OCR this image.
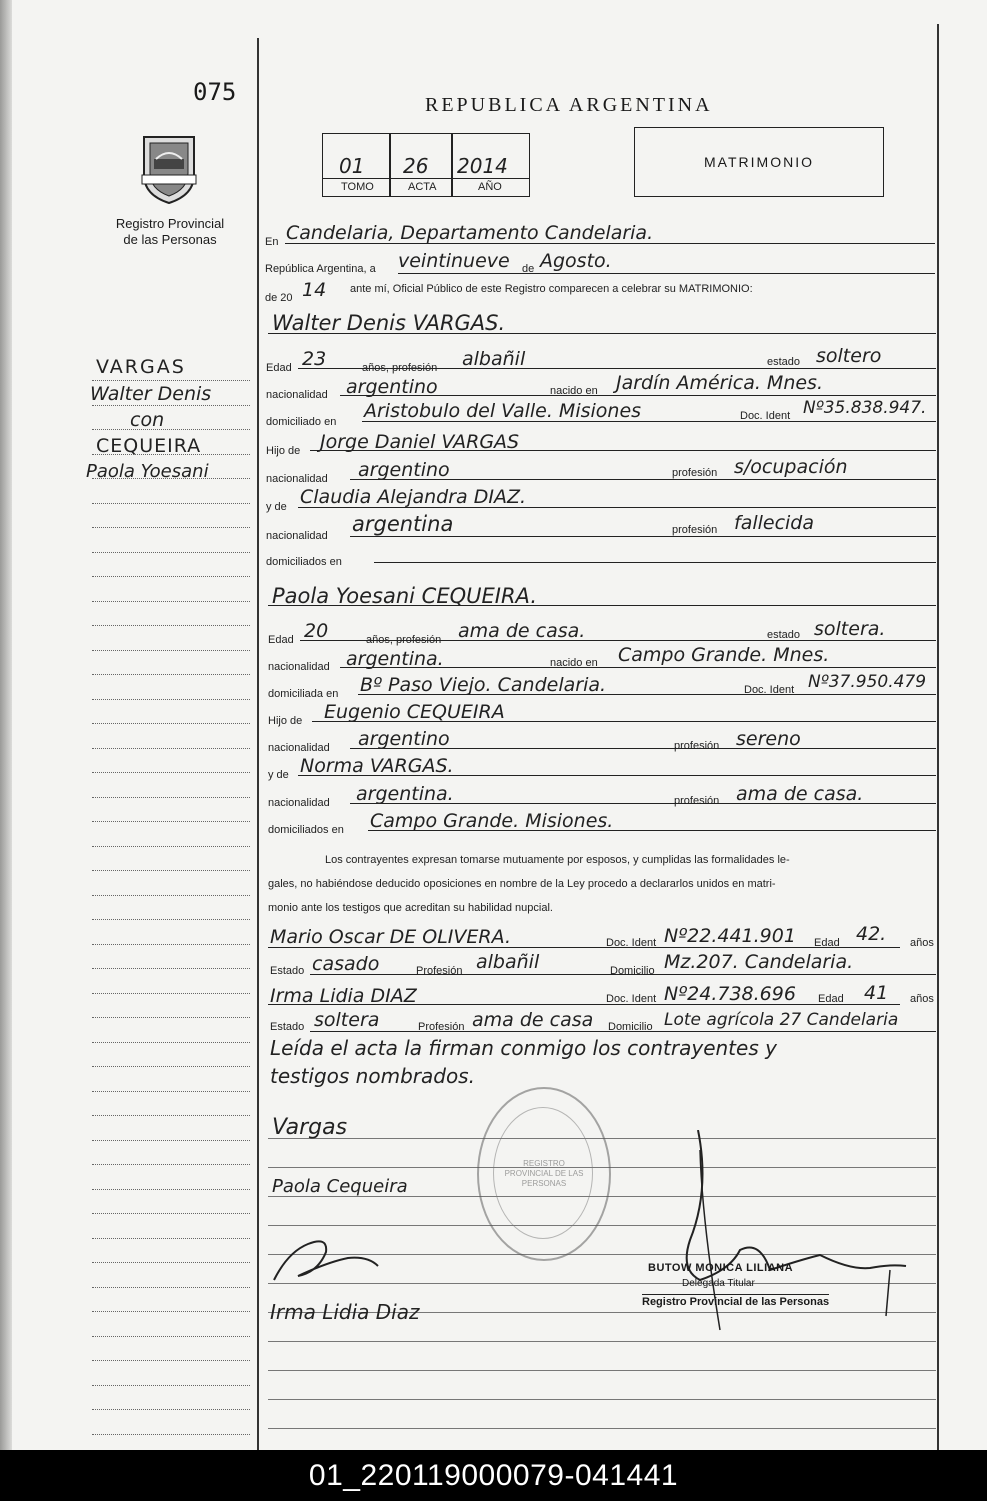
075
Registro Provincial
de las Personas
REPUBLICA ARGENTINA
01 26 2014
TOMO	ACTA	AÑO
MATRIMONIO
VARGAS
Walter Denis
con
CEQUEIRA
Paola Yoesani
En Candelaria, Departamento Candelaria.
República Argentina, a veintinueve de Agosto.
de 20 14 ante mí, Oficial Público de este Registro comparecen a celebrar su MATRIMONIO:
Walter Denis VARGAS.
Edad 23	años, profesión albañil	estado soltero
nacionalidad argentino	nacido en Jardín América. Mnes.
domiciliado en Aristobulo del Valle. Misiones	Doc. Ident Nº35.838.947.
Hijo de Jorge Daniel VARGAS
nacionalidad argentino	profesión s/ocupación
y de Claudia Alejandra DIAZ.
nacionalidad argentina	profesión fallecida
domiciliados en
Paola Yoesani CEQUEIRA.
Edad 20	años, profesión ama de casa.	estado soltera.
nacionalidad argentina.	nacido en Campo Grande. Mnes.
domiciliada en Bº Paso Viejo. Candelaria.	Doc. Ident Nº37.950.479
Hijo de Eugenio CEQUEIRA
nacionalidad argentino	profesión sereno
y de Norma VARGAS.
nacionalidad argentina.	profesión ama de casa.
domiciliados en Campo Grande. Misiones.
Los contrayentes expresan tomarse mutuamente por esposos, y cumplidas las formalidades le-
gales, no habiéndose deducido oposiciones en nombre de la Ley procedo a declararlos unidos en matri-
monio ante los testigos que acreditan su habilidad nupcial.
Mario Oscar DE OLIVERA.	Doc. Ident Nº22.441.901 Edad 42. años
Estado casado	Profesión albañil	Domicilio Mz.207. Candelaria.
Irma Lidia DIAZ	Doc. Ident Nº24.738.696 Edad 41 años
Estado soltera	Profesión ama de casa Domicilio Lote agrícola 27 Candelaria
Leída el acta la firman conmigo los contrayentes y
testigos nombrados.
Vargas
Paola Cequeira
Irma Lidia Diaz
REGISTRO PROVINCIAL DE LAS PERSONAS
BUTOW MONICA LILIANA
Delegada Titular
Registro Provincial de las Personas
01_220119000079-041441
